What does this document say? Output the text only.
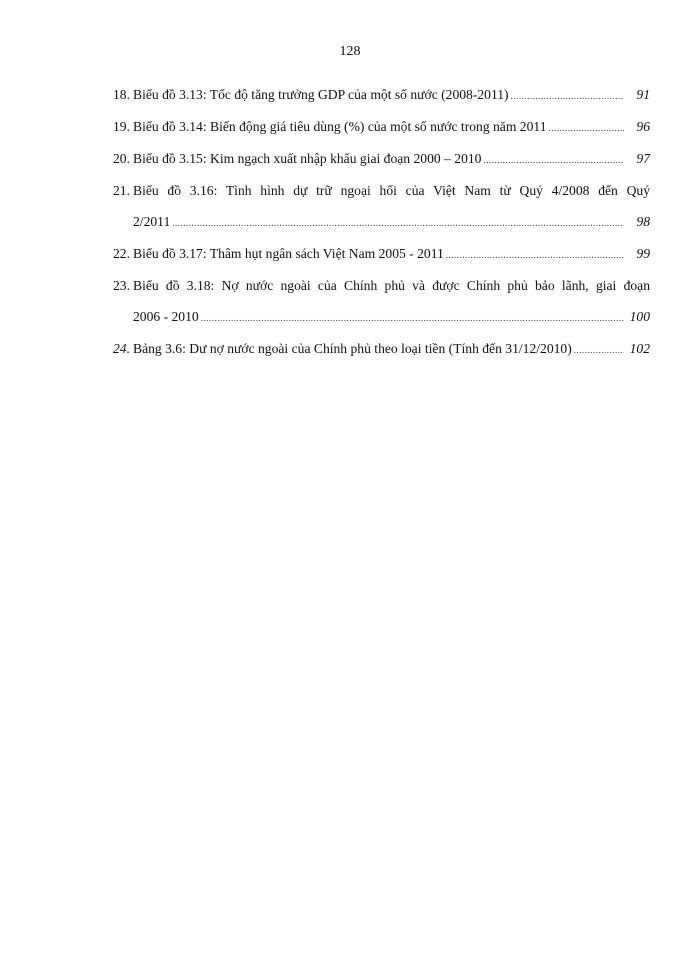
128
18. Biểu đồ 3.13: Tốc độ tăng trưởng GDP của một số nước (2008-2011) .....	91
19. Biểu đồ 3.14: Biến động giá tiêu dùng (%) của một số nước trong năm 2011 .....	96
20. Biểu đồ 3.15: Kim ngạch xuất nhập khẩu giai đoạn 2000 – 2010 .....	97
21. Biểu đồ 3.16: Tình hình dự trữ ngoại hối của Việt Nam từ Quý 4/2008 đến Quý
2/2011 .....	98
22. Biểu đồ 3.17: Thâm hụt ngân sách Việt Nam 2005 - 2011 .....	99
23. Biểu đồ 3.18: Nợ nước ngoài của Chính phủ và được Chính phủ bảo lãnh, giai đoạn
2006 - 2010 .....	100
24. Bảng 3.6: Dư nợ nước ngoài của Chính phủ theo loại tiền (Tính đến 31/12/2010) .....	102
